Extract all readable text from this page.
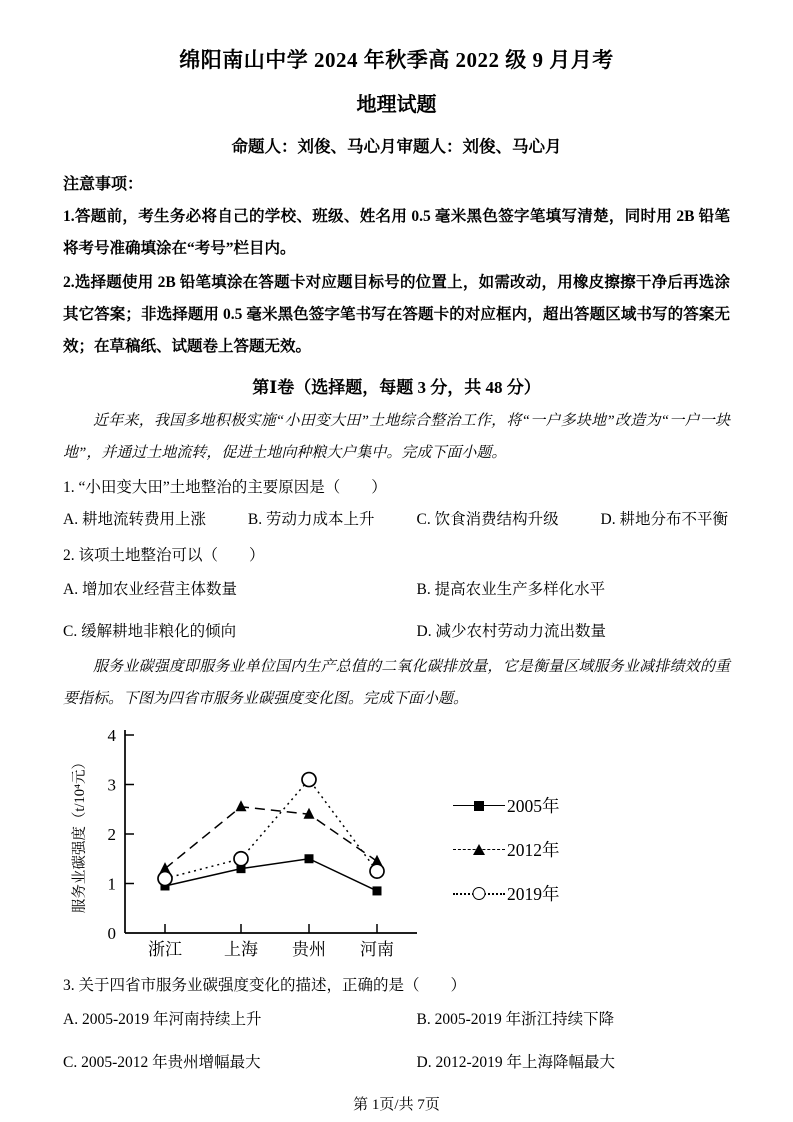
绵阳南山中学 2024 年秋季高 2022 级 9 月月考
地理试题
命题人：刘俊、马心月审题人：刘俊、马心月
注意事项：

1.答题前，考生务必将自己的学校、班级、姓名用 0.5 毫米黑色签字笔填写清楚，同时用 2B 铅笔将考号准确填涂在“考号”栏目内。

2.选择题使用 2B 铅笔填涂在答题卡对应题目标号的位置上，如需改动，用橡皮擦擦干净后再选涂其它答案；非选择题用 0.5 毫米黑色签字笔书写在答题卡的对应框内，超出答题区域书写的答案无效；在草稿纸、试题卷上答题无效。

第Ⅰ卷（选择题，每题 3 分，共 48 分）

近年来，我国多地积极实施“小田变大田”土地综合整治工作，将“一户多块地”改造为“一户一块地”，并通过土地流转，促进土地向种粮大户集中。完成下面小题。

1. “小田变大田”土地整治的主要原因是（　　）
A. 耕地流转费用上涨	B. 劳动力成本上升	C. 饮食消费结构升级	D. 耕地分布不平衡
2. 该项土地整治可以（　　）
A. 增加农业经营主体数量	B. 提高农业生产多样化水平
C. 缓解耕地非粮化的倾向	D. 减少农村劳动力流出数量

服务业碳强度即服务业单位国内生产总值的二氧化碳排放量，它是衡量区域服务业减排绩效的重要指标。下图为四省市服务业碳强度变化图。完成下面小题。

0
1
2
3
4
浙江 上海 贵州 河南
服务业碳强度（t/10⁴元）	2005年
2012年
2019年
3. 关于四省市服务业碳强度变化的描述，正确的是（　　）
A. 2005-2019 年河南持续上升	B. 2005-2019 年浙江持续下降
C. 2005-2012 年贵州增幅最大	D. 2012-2019 年上海降幅最大
第 1页/共 7页
